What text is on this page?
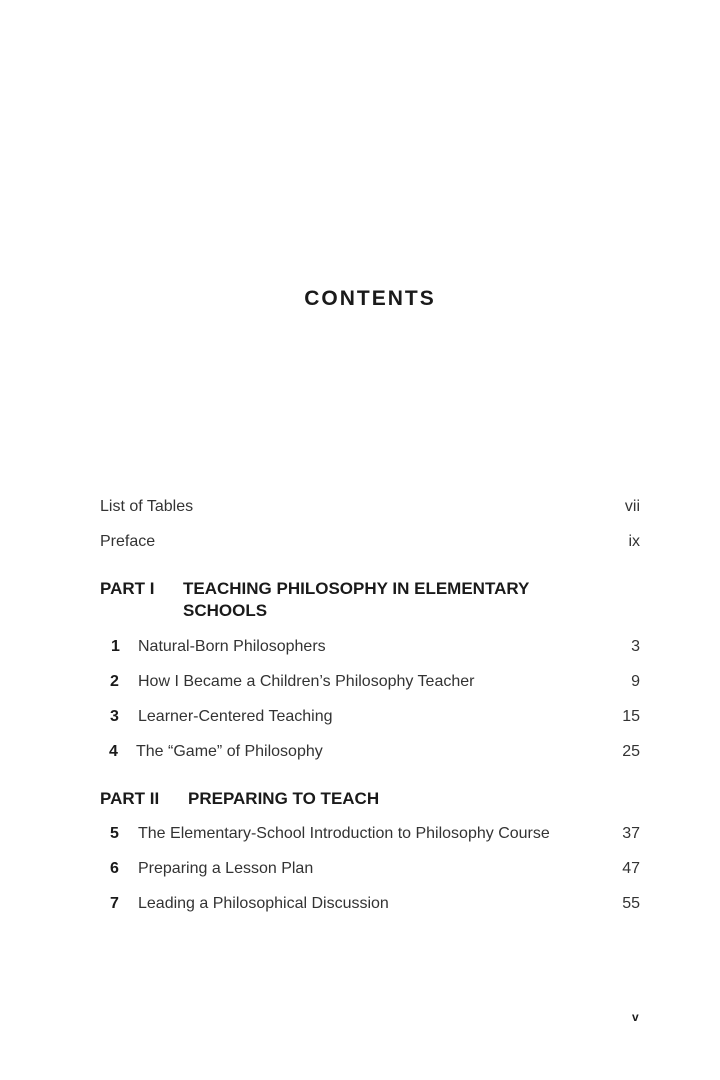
CONTENTS
List of Tables	vii
Preface	ix
PART I TEACHING PHILOSOPHY IN ELEMENTARY SCHOOLS
1 Natural-Born Philosophers	3
2 How I Became a Children’s Philosophy Teacher	9
3 Learner-Centered Teaching	15
4 The “Game” of Philosophy	25
PART II PREPARING TO TEACH
5 The Elementary-School Introduction to Philosophy Course	37
6 Preparing a Lesson Plan	47
7 Leading a Philosophical Discussion	55
v
